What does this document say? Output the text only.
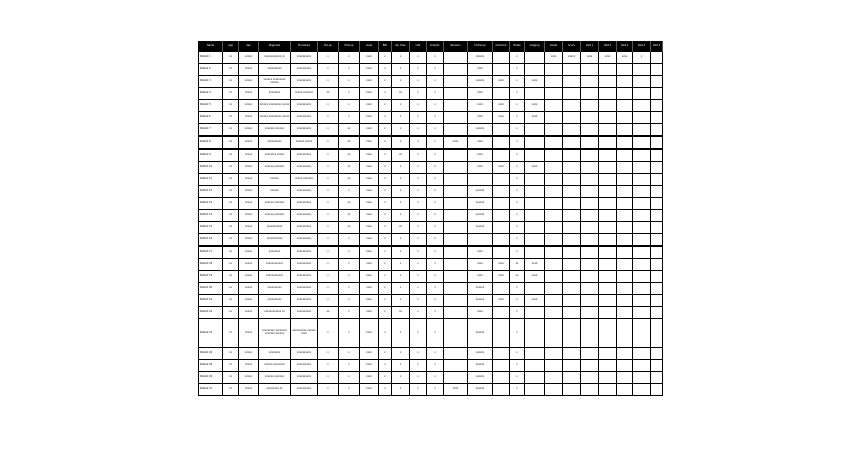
Name	Age	Sex	Diagnosis	Procedure	Pre-op	Post-op	Level	EBL	Op. time	LOS	Complic.	Revision	Follow-up	Outcome	Notes	Imaging	Grade	Score	Visit 1	Visit 2	Visit 3	Visit 4	Visit 5
Patient 1	xx	xxxxx	xxxxxxxxxxxx xx	xxxxxxxxxx	x	x	xxxx	x	x	x	x		xxxxxx		x		xxxx	xxxxx	xxxx	xxxx	xxxx	x	
Patient 2	xx	xxxxx	xxxxxxxxxx	xxxxxxxxxx	x	x	xxxx	x	x	x	x		xxxx		x								
Patient 3	xx	xxxxx	xxxxxx xxxxxxxxx xxxxxx	xxxxxxxxxx	x	x	xxxx	x	x	x	x		xxxxxx	xxxx	x	xxxx							
Patient 4	xx	xxxxx	xxxxxxxx	xxxxx xxxxxxx	xx	x	xxxx	x	xx	x	x		xxxx		x								
Patient 5	xx	xxxxx	xxxxxx xxxxxxxxx xxxxx	xxxxxxxxxx	x	x	xxxx	x	x	x	x		xxxx	xxxx	x	xxxx							
Patient 6	xx	xxxxx	xxxxxx xxxxxxxxx xxxxx	xxxxxxxxxx	x	x	xxxx	x	x	x	x		xxxx	xxxx	x	xxxx							
Patient 7	xx	xxxxx	xxxxxxx xxxxxx	xxxxxxxxxx	x	xx	xxxx	x	x	x	x		xxxxxx		x								
Patient 8	xx	xxxxx	xxxxxxxxxx	xxxxxx xxxxx	x	xx	xxxx	x	x	x	x	xxxx	xxxx		x								
Patient 9	xx	xxxxx	xxxxxxxx xxxxx	xxxxxxxxxx	x	xx	xxxx	x	xx	x	x		xxxx		x								
Patient 10	xx	xxxxx	xxxxxx xxxxxxx	xxxxxxxxxx	x	xx	xxxx	x	x	x	x		xxxx	xxxx	x	xxxx							
Patient 11	xx	xxxxx	xxxxxx	xxxxx xxxxxxx	x	xx	xxxx	x	x	x	x				x								
Patient 12	xx	xxxxx	xxxxxx	xxxxxxxxxx	x	x	xxxx	x	x	x	x		xxxxxx		x								
Patient 13	xx	xxxxx	xxxxxx xxxxxxx	xxxxxxxxxx	x	xx	xxxx	x	x	x	x		xxxxxx		x								
Patient 14	xx	xxxxx	xxxxxx xxxxxxx	xxxxxxxxxx	x	xx	xxxx	x	x	x	x		xxxxxx		x								
Patient 15	xx	xxxxx	xxxxxxxxxxx	xxxxxxxxxx	x	xx	xxxx	x	xx	x	x		xxxxxx		x								
Patient 16	xx	xxxxx	xxxxxxxxxxx	xxxxxxxxxx	x	x	xxxx	x	x	x	x				x								
Patient 17	xx	xxxxx	xxxxxxxx	xxxxxxxxxx	x	x	xxxx	x	x	x	x		xxxx		x								
Patient 18	xx	xxxxx	xxxxxxxxxxxx	xxxxxxxxxx	x	x	xxxx	x	x	x	x		xxxx	xxxx	xx	xxxx							
Patient 19	xx	xxxxx	xxxxxxxxxxxx	xxxxxxxxxx	x	x	xxxx	x	x	x	x		xxxx	xxxx	xx	xxxx							
Patient 20	xx	xxxxx	xxxxxxxxxx	xxxxxxxxxx	x	x	xxxx	x	x	x	x		xxxxxx		x								
Patient 21	xx	xxxxx	xxxxxxxxxx	xxxxxxxxxx	x	x	xxxx	x	x	x	x		xxxxxx	xxxx	x	xxxx							
Patient 22	xx	xxxxx	xxxxxxxxxxxx xx	xxxxxxxxxx	xx	x	xxxx	x	xx	x	x		xxxx		x								
Patient 23	xx	xxxxx	xxxxxxxxx xxxxxxxx xxxxxxx xxxxxx	xxxxxxxxxx xxxxxx xxxx	x	x	xxxx	x	x	x	x		xxxxxx		x								
Patient 24	xx	xxxxx	xxxxxxxx	xxxxxxxxxx	x	x	xxxx	x	x	x	x		xxxxxx		x								
Patient 25	xx	xxxxx	xxxxxx xxxxxxxx	xxxxxxxxxx	x	x	xxxx	x	x	x	x		xxxxxx		x								
Patient 26	xx	xxxxx	xxxxxx xxxxxxx	xxxxxxxxxx	x	x	xxxx	x	x	x	x		xxxxxx		x								
Patient 27	xx	xxxxx	xxxxxxxxx xx	xxxxxxxxxx	x	x	xxxx	x	x	x	x	xxxx	xxxxxx		x								
